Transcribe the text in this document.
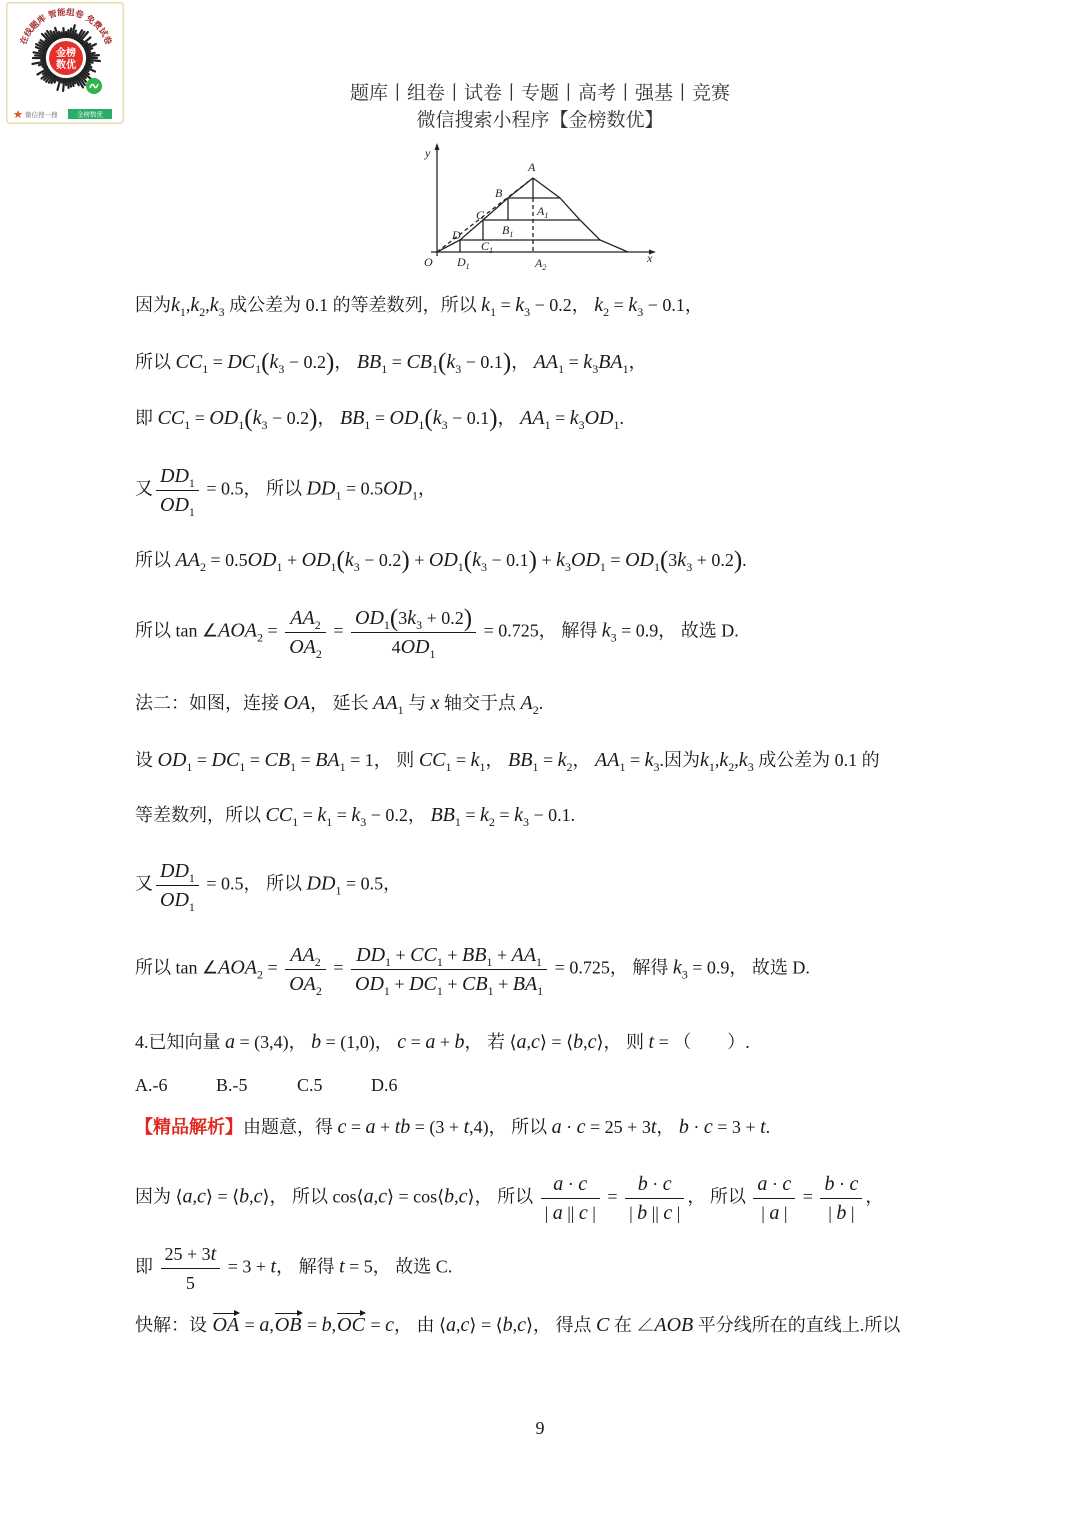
在线题库 智能组卷 免费试卷
金榜
数优
微信搜一搜	金榜数优
题库丨组卷丨试卷丨专题丨高考丨强基丨竞赛
微信搜索小程序【金榜数优】
y
x
O
A
B
C
D
$A_1$
$B_1$
$C_1$
$D_1$	$A_2$
因为$k_1,k_2,k_3$ 成公差为 0.1 的等差数列，所以 $k_1 = k_3 - 0.2$， $k_2 = k_3 - 0.1$，
所以 $CC_1 = DC_1(k_3 - 0.2)$， $BB_1 = CB_1(k_3 - 0.1)$， $AA_1 = k_3BA_1$，
即 $CC_1 = OD_1(k_3 - 0.2)$， $BB_1 = OD_1(k_3 - 0.1)$， $AA_1 = k_3OD_1$.
又 $\frac{DD_1}{OD_1} = 0.5$， 所以 $DD_1 = 0.5OD_1$，
所以 $AA_2 = 0.5OD_1 + OD_1(k_3 - 0.2) + OD_1(k_3 - 0.1) + k_3OD_1 = OD_1(3k_3 + 0.2)$.
所以 $\tan \angle AOA_2 = \frac{AA_2}{OA_2} = \frac{OD_1(3k_3 + 0.2)}{4OD_1} = 0.725$， 解得 $k_3 = 0.9$， 故选 D.
法二：如图，连接 OA， 延长 $AA_1$ 与 x 轴交于点 $A_2$.
设 $OD_1 = DC_1 = CB_1 = BA_1 = 1$， 则 $CC_1 = k_1$， $BB_1 = k_2$， $AA_1 = k_3$.因为$k_1,k_2,k_3$ 成公差为 0.1 的
等差数列，所以 $CC_1 = k_1 = k_3 - 0.2$， $BB_1 = k_2 = k_3 - 0.1$.
又 $\frac{DD_1}{OD_1} = 0.5$， 所以 $DD_1 = 0.5$，
所以 $\tan \angle AOA_2 = \frac{AA_2}{OA_2} = \frac{DD_1 + CC_1 + BB_1 + AA_1}{OD_1 + DC_1 + CB_1 + BA_1} = 0.725$， 解得 $k_3 = 0.9$， 故选 D.
4.已知向量 a = (3,4)， b = (1,0)， c = a + b， 若 ⟨a,c⟩ = ⟨b,c⟩， 则 t = （　　）.
A.-6	B.-5	C.5	D.6
【精品解析】由题意，得 c = a + tb = (3 + t,4)， 所以 a · c = 25 + 3t， b · c = 3 + t.
因为 ⟨a,c⟩ = ⟨b,c⟩， 所以 cos⟨a,c⟩ = cos⟨b,c⟩， 所以 $\frac{a \cdot c}{| a || c |} = \frac{b \cdot c}{| b || c |}$ ， 所以 $\frac{a \cdot c}{| a |} = \frac{b \cdot c}{| b |}$ ，
即 $\frac{25 + 3t}{5} = 3 + t$， 解得 t = 5， 故选 C.
快解：设 OA = a,OB = b,OC = c， 由 ⟨a,c⟩ = ⟨b,c⟩， 得点 C 在 ∠AOB 平分线所在的直线上.所以
9
